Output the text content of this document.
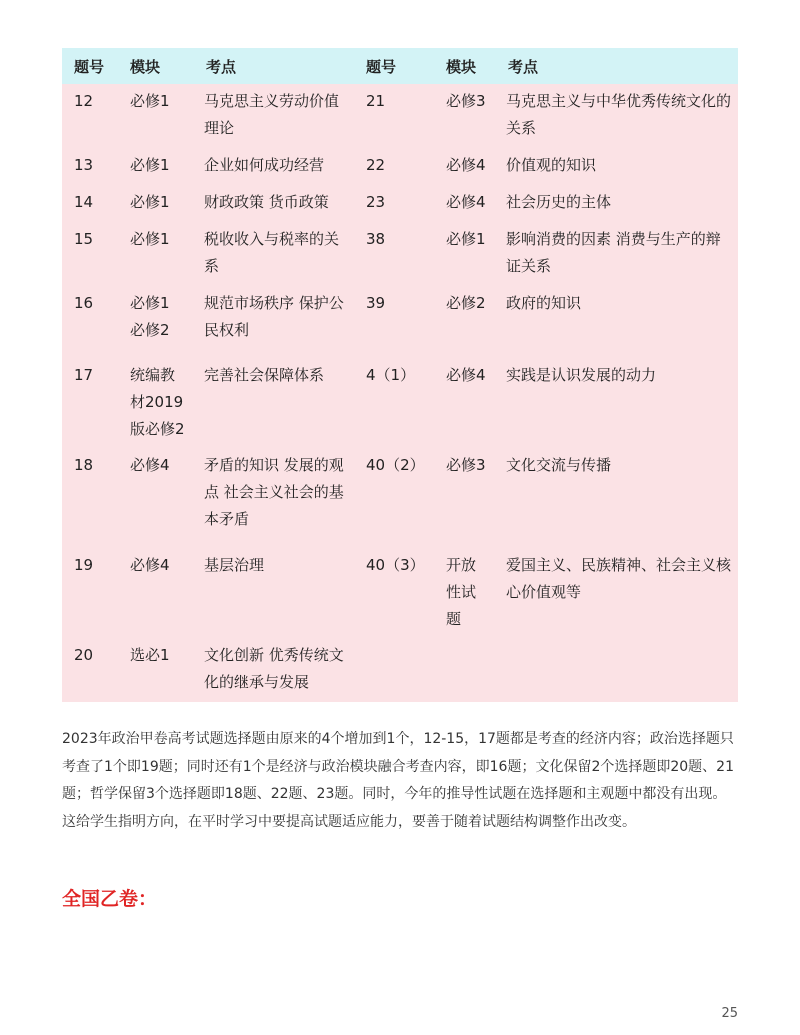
题号	模块	考点	题号	模块	考点
12	必修1	马克思主义劳动价值理论	21	必修3	马克思主义与中华优秀传统文化的关系
13	必修1	企业如何成功经营	22	必修4	价值观的知识
14	必修1	财政政策 货币政策	23	必修4	社会历史的主体
15	必修1	税收收入与税率的关系	38	必修1	影响消费的因素 消费与生产的辩证关系
16	必修1 必修2	规范市场秩序 保护公民权利	39	必修2	政府的知识
17	统编教材2019版必修2	完善社会保障体系	4（1）	必修4	实践是认识发展的动力
18	必修4	矛盾的知识 发展的观点 社会主义社会的基本矛盾	40（2）	必修3	文化交流与传播
19	必修4	基层治理	40（3）	开放性试题	爱国主义、民族精神、社会主义核心价值观等
20	选必1	文化创新 优秀传统文化的继承与发展			

2023年政治甲卷高考试题选择题由原来的4个增加到1个，12-15，17题都是考查的经济内容；政治选择题只考查了1个即19题；同时还有1个是经济与政治模块融合考查内容，即16题；文化保留2个选择题即20题、21题；哲学保留3个选择题即18题、22题、23题。同时，今年的推导性试题在选择题和主观题中都没有出现。这给学生指明方向，在平时学习中要提高试题适应能力，要善于随着试题结构调整作出改变。

全国乙卷：
25
